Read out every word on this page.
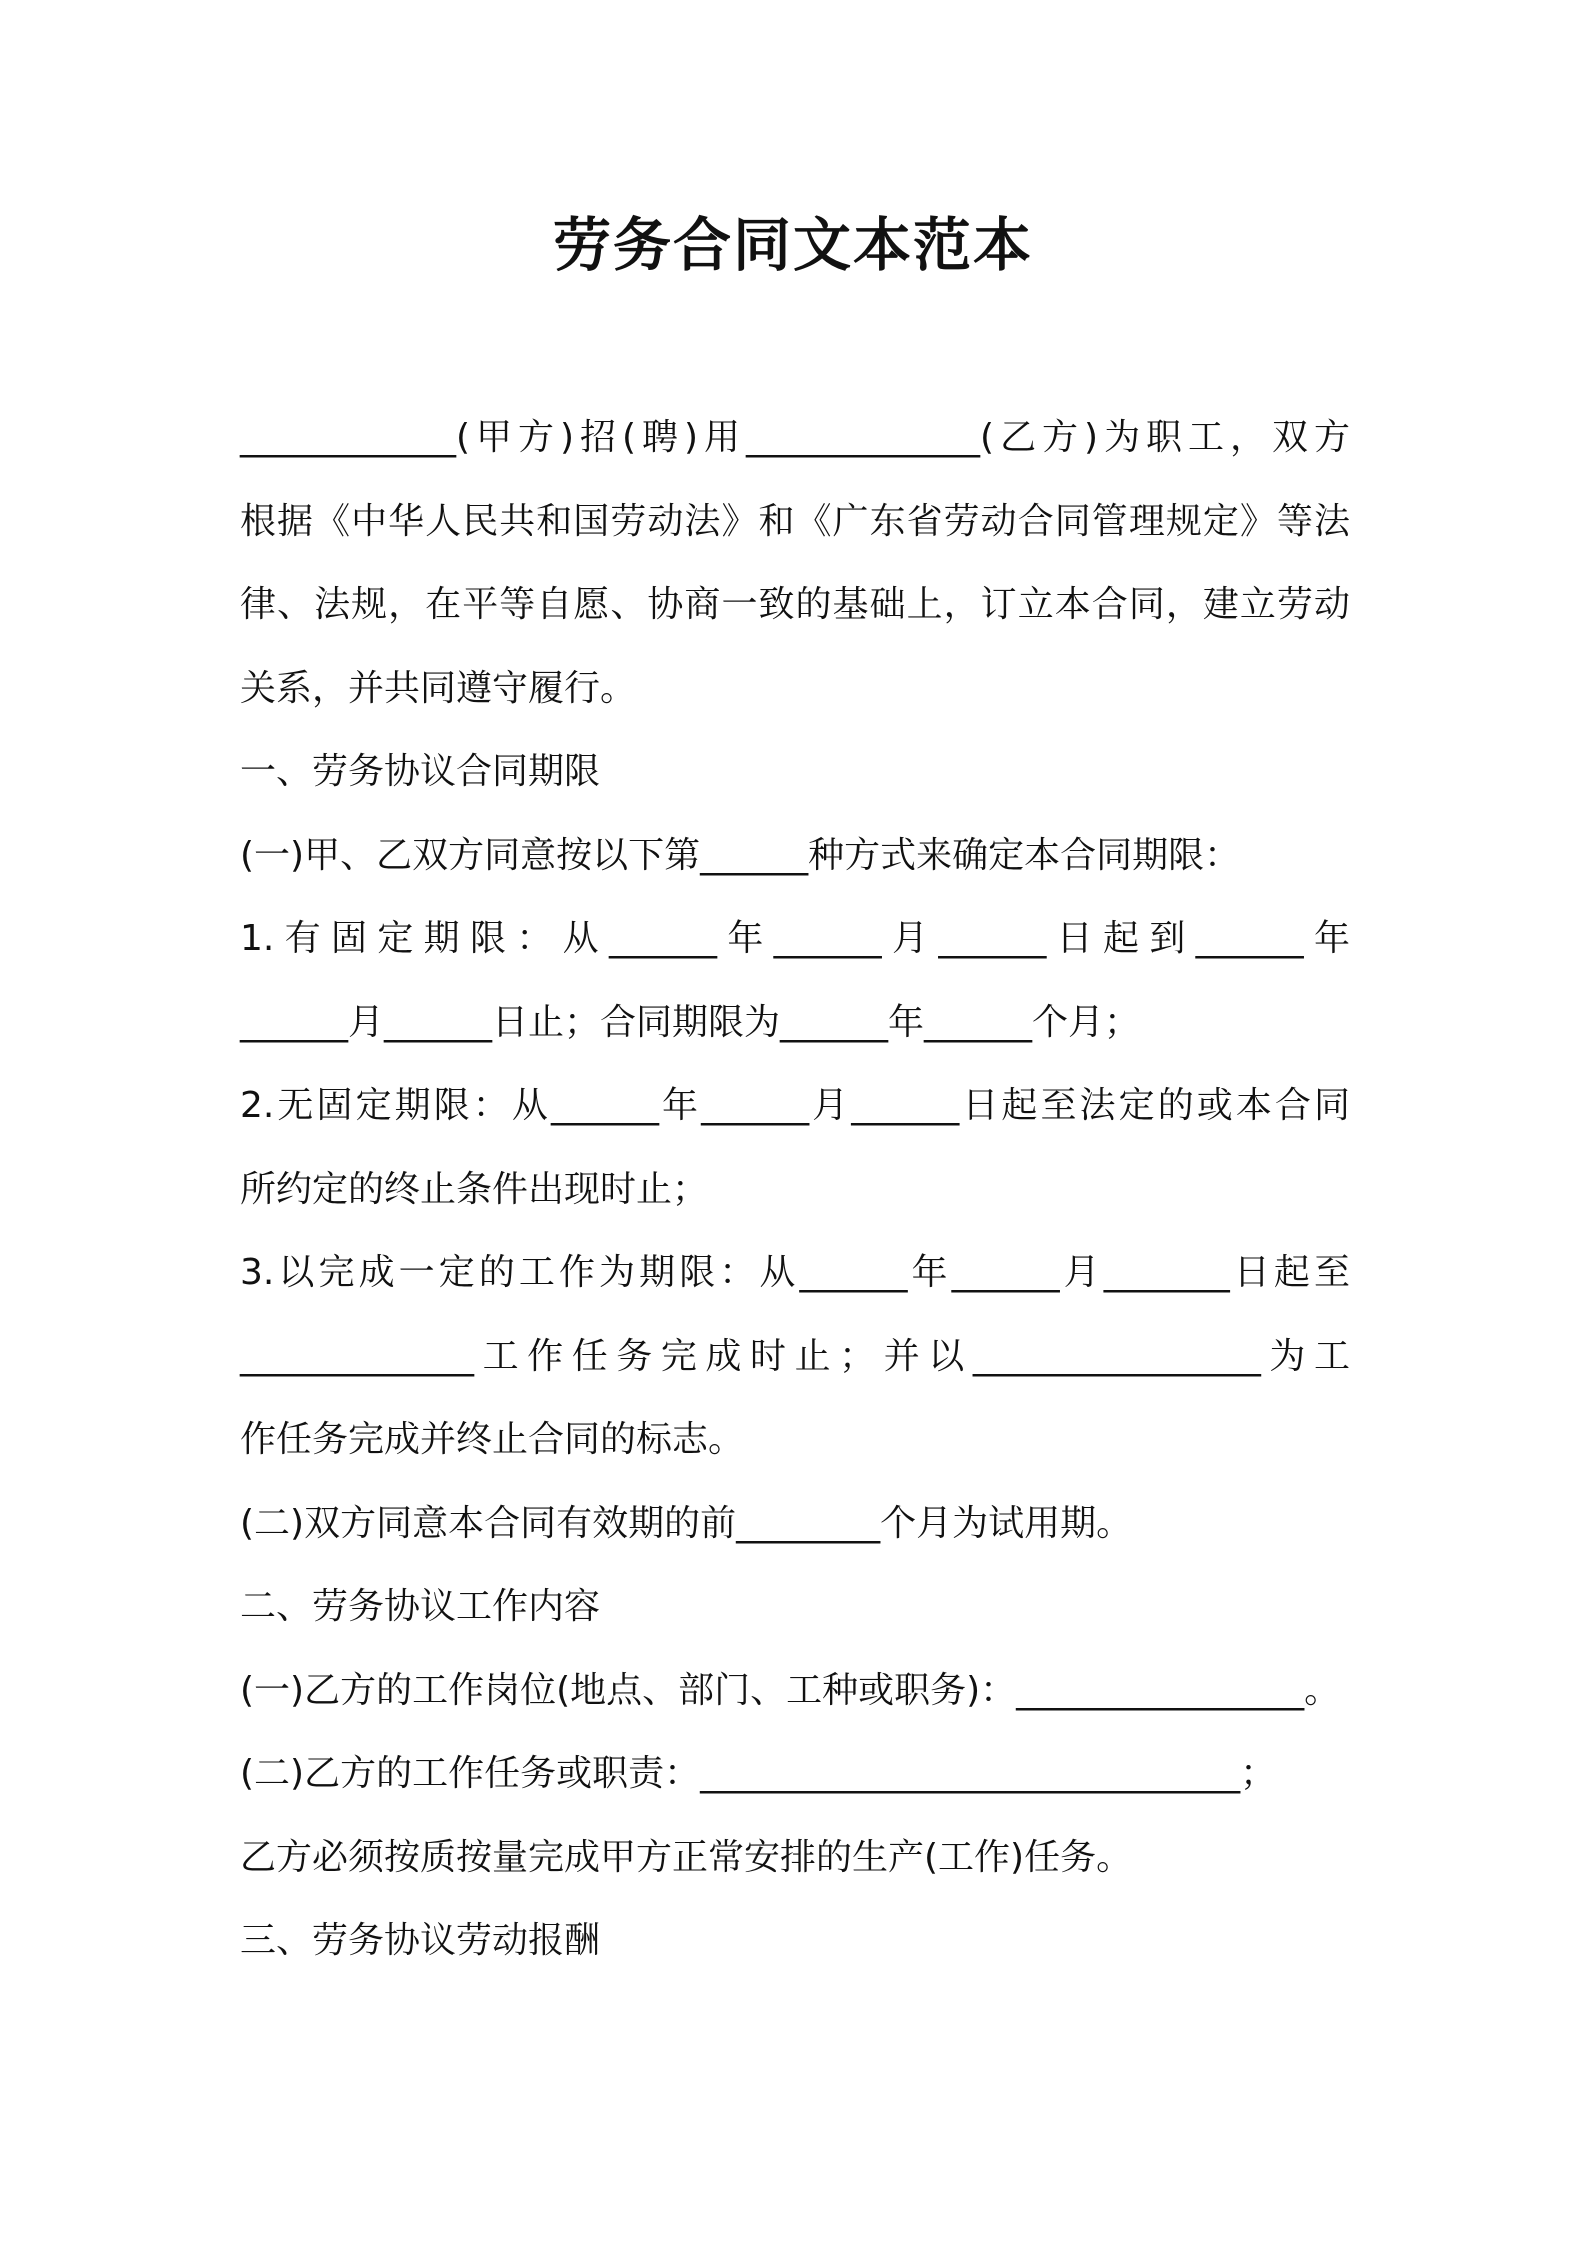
劳务合同文本范本

____________(甲方)招(聘)用_____________(乙方)为职工，双方

根据《中华人民共和国劳动法》和《广东省劳动合同管理规定》等法

律、法规，在平等自愿、协商一致的基础上，订立本合同，建立劳动

关系，并共同遵守履行。

一、劳务协议合同期限

(一)甲、乙双方同意按以下第______种方式来确定本合同期限：

1.有固定期限：从______年______月______日起到______年

______月______日止；合同期限为______年______个月；

2.无固定期限：从______年______月______日起至法定的或本合同

所约定的终止条件出现时止；

3.以完成一定的工作为期限：从______年______月_______日起至

_____________工作任务完成时止；并以________________为工

作任务完成并终止合同的标志。

(二)双方同意本合同有效期的前________个月为试用期。

二、劳务协议工作内容

(一)乙方的工作岗位(地点、部门、工种或职务)：________________。

(二)乙方的工作任务或职责：______________________________；

乙方必须按质按量完成甲方正常安排的生产(工作)任务。

三、劳务协议劳动报酬
